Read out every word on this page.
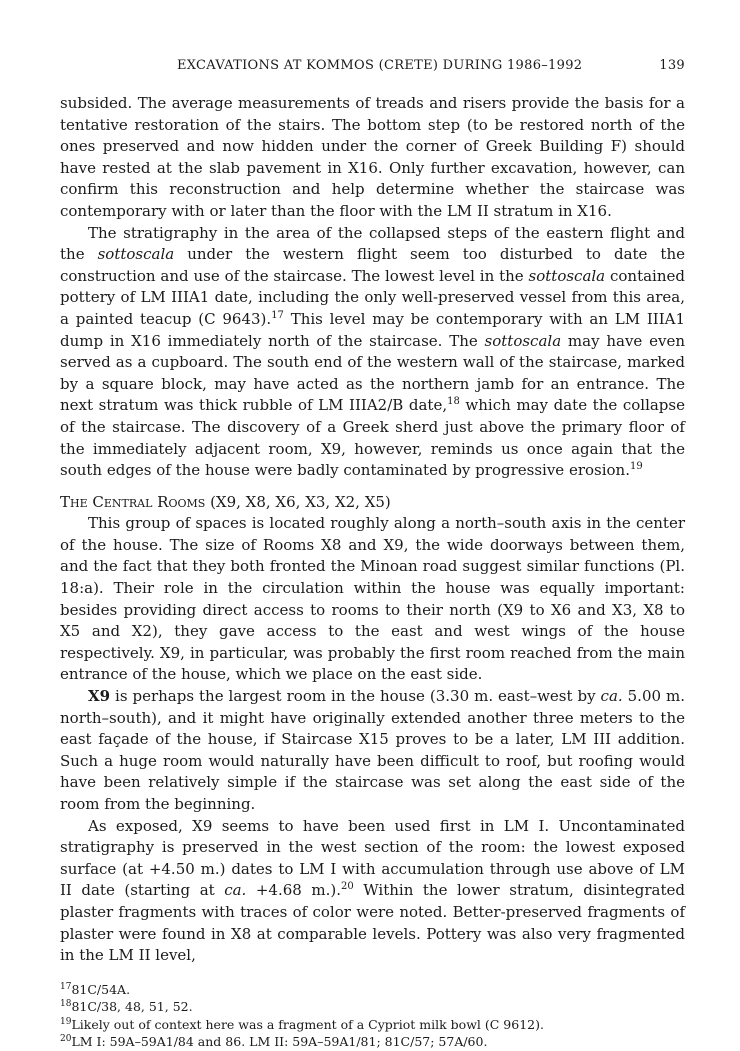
EXCAVATIONS AT KOMMOS (CRETE) DURING 1986–1992	139

subsided. The average measurements of treads and risers provide the basis for a tentative restoration of the stairs. The bottom step (to be restored north of the ones preserved and now hidden under the corner of Greek Building F) should have rested at the slab pavement in X16. Only further excavation, however, can confirm this reconstruction and help determine whether the staircase was contemporary with or later than the floor with the LM II stratum in X16.

The stratigraphy in the area of the collapsed steps of the eastern flight and the sottoscala under the western flight seem too disturbed to date the construction and use of the staircase. The lowest level in the sottoscala contained pottery of LM IIIA1 date, including the only well-preserved vessel from this area, a painted teacup (C 9643).$^{17}$ This level may be contemporary with an LM IIIA1 dump in X16 immediately north of the staircase. The sottoscala may have even served as a cupboard. The south end of the western wall of the staircase, marked by a square block, may have acted as the northern jamb for an entrance. The next stratum was thick rubble of LM IIIA2/B date,$^{18}$ which may date the collapse of the staircase. The discovery of a Greek sherd just above the primary floor of the immediately adjacent room, X9, however, reminds us once again that the south edges of the house were badly contaminated by progressive erosion.$^{19}$

The Central Rooms (X9, X8, X6, X3, X2, X5)

This group of spaces is located roughly along a north–south axis in the center of the house. The size of Rooms X8 and X9, the wide doorways between them, and the fact that they both fronted the Minoan road suggest similar functions (Pl. 18:a). Their role in the circulation within the house was equally important: besides providing direct access to rooms to their north (X9 to X6 and X3, X8 to X5 and X2), they gave access to the east and west wings of the house respectively. X9, in particular, was probably the first room reached from the main entrance of the house, which we place on the east side.

X9 is perhaps the largest room in the house (3.30 m. east–west by ca. 5.00 m. north–south), and it might have originally extended another three meters to the east façade of the house, if Staircase X15 proves to be a later, LM III addition. Such a huge room would naturally have been difficult to roof, but roofing would have been relatively simple if the staircase was set along the east side of the room from the beginning.

As exposed, X9 seems to have been used first in LM I. Uncontaminated stratigraphy is preserved in the west section of the room: the lowest exposed surface (at +4.50 m.) dates to LM I with accumulation through use above of LM II date (starting at ca. +4.68 m.).$^{20}$ Within the lower stratum, disintegrated plaster fragments with traces of color were noted. Better-preserved fragments of plaster were found in X8 at comparable levels. Pottery was also very fragmented in the LM II level,

$^{17}$81C/54A.
$^{18}$81C/38, 48, 51, 52.
$^{19}$Likely out of context here was a fragment of a Cypriot milk bowl (C 9612).
$^{20}$LM I: 59A–59A1/84 and 86. LM II: 59A–59A1/81; 81C/57; 57A/60.
